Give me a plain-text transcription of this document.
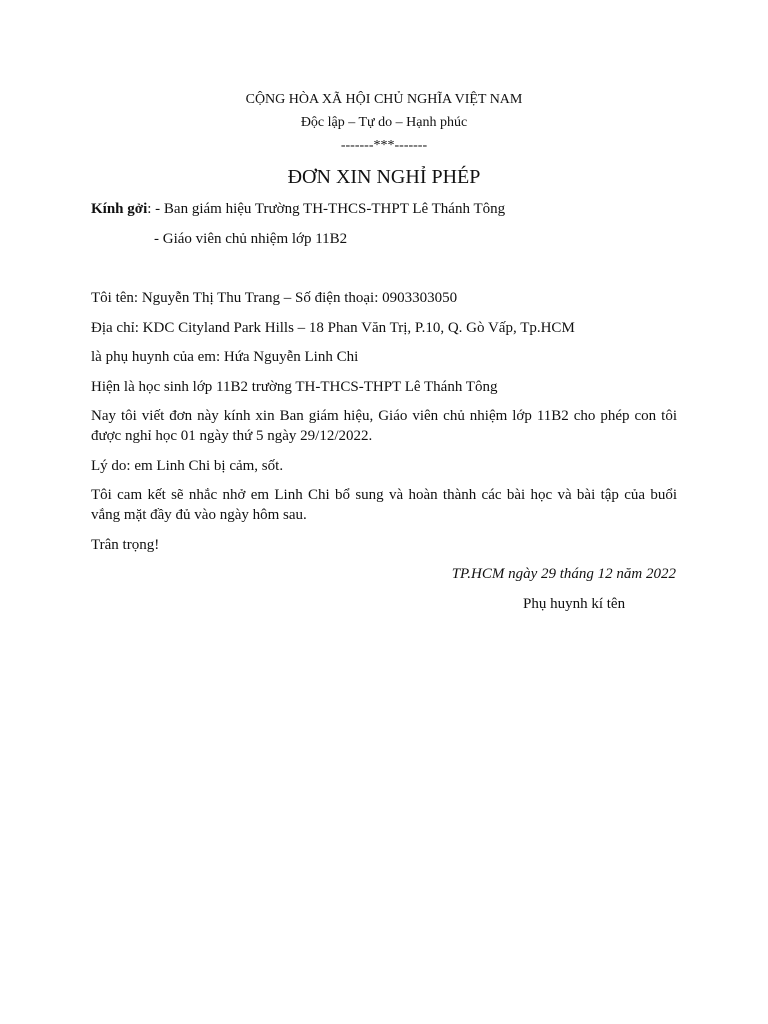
CỘNG HÒA XÃ HỘI CHỦ NGHĨA VIỆT NAM
Độc lập – Tự do – Hạnh phúc
-------***-------
ĐƠN XIN NGHỈ PHÉP
Kính gởi: - Ban giám hiệu Trường TH-THCS-THPT Lê Thánh Tông
- Giáo viên chủ nhiệm lớp 11B2
Tôi tên: Nguyễn Thị Thu Trang – Số điện thoại: 0903303050
Địa chỉ: KDC Cityland Park Hills – 18 Phan Văn Trị, P.10, Q. Gò Vấp, Tp.HCM
là phụ huynh của em: Hứa Nguyễn Linh Chi
Hiện là học sinh lớp 11B2 trường TH-THCS-THPT Lê Thánh Tông
Nay tôi viết đơn này kính xin Ban giám hiệu, Giáo viên chủ nhiệm lớp 11B2 cho phép con tôi được nghỉ học 01 ngày thứ 5 ngày 29/12/2022.
Lý do: em Linh Chi bị cảm, sốt.
Tôi cam kết sẽ nhắc nhở em Linh Chi bổ sung và hoàn thành các bài học và bài tập của buổi vắng mặt đầy đủ vào ngày hôm sau.
Trân trọng!
TP.HCM ngày 29 tháng 12 năm 2022
Phụ huynh kí tên
